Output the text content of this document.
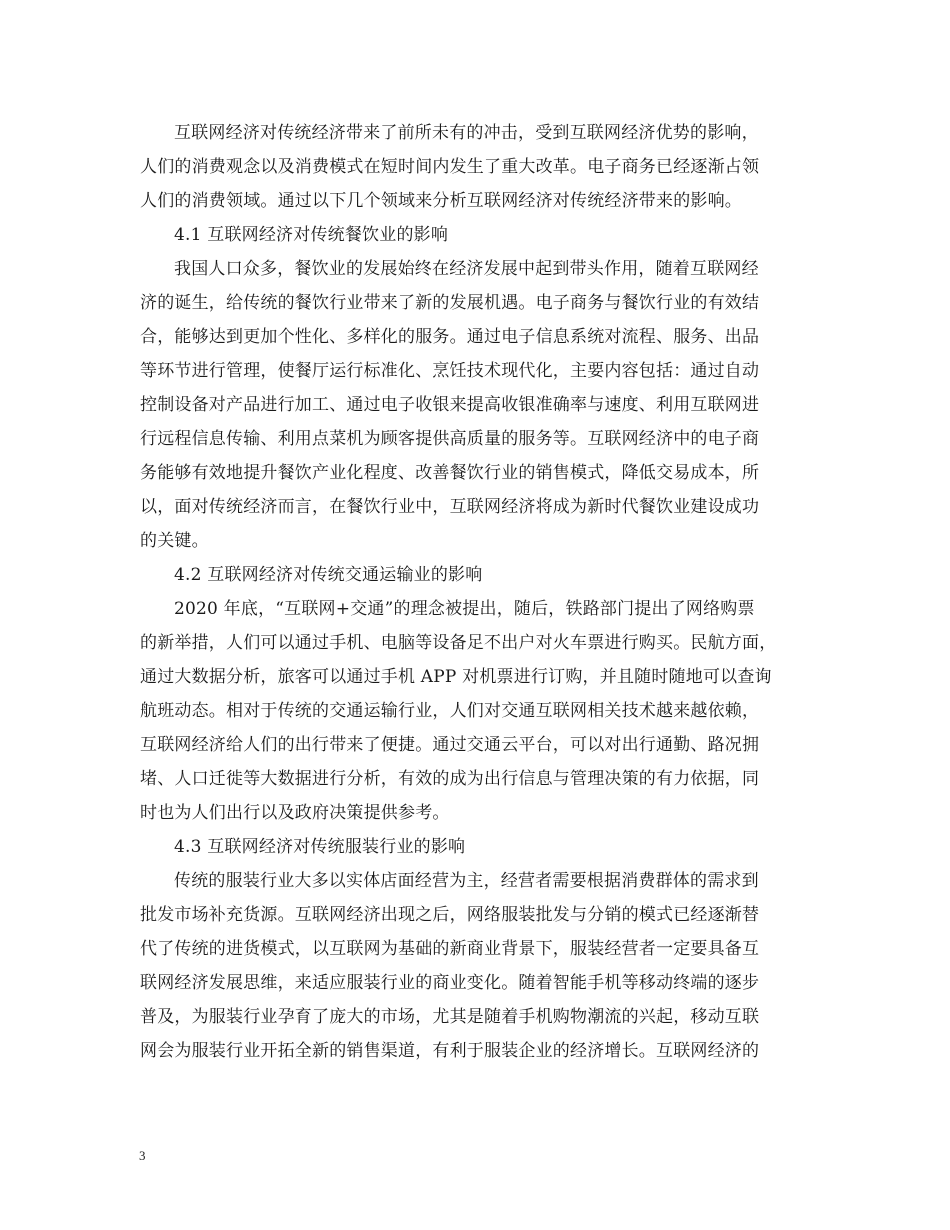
互联网经济对传统经济带来了前所未有的冲击，受到互联网经济优势的影响，
人们的消费观念以及消费模式在短时间内发生了重大改革。电子商务已经逐渐占领
人们的消费领域。通过以下几个领域来分析互联网经济对传统经济带来的影响。
4.1 互联网经济对传统餐饮业的影响
我国人口众多，餐饮业的发展始终在经济发展中起到带头作用，随着互联网经
济的诞生，给传统的餐饮行业带来了新的发展机遇。电子商务与餐饮行业的有效结
合，能够达到更加个性化、多样化的服务。通过电子信息系统对流程、服务、出品
等环节进行管理，使餐厅运行标准化、烹饪技术现代化，主要内容包括：通过自动
控制设备对产品进行加工、通过电子收银来提高收银准确率与速度、利用互联网进
行远程信息传输、利用点菜机为顾客提供高质量的服务等。互联网经济中的电子商
务能够有效地提升餐饮产业化程度、改善餐饮行业的销售模式，降低交易成本，所
以，面对传统经济而言，在餐饮行业中，互联网经济将成为新时代餐饮业建设成功
的关键。
4.2 互联网经济对传统交通运输业的影响
2020 年底，“互联网+交通”的理念被提出，随后，铁路部门提出了网络购票
的新举措，人们可以通过手机、电脑等设备足不出户对火车票进行购买。民航方面，
通过大数据分析，旅客可以通过手机 APP 对机票进行订购，并且随时随地可以查询
航班动态。相对于传统的交通运输行业，人们对交通互联网相关技术越来越依赖，
互联网经济给人们的出行带来了便捷。通过交通云平台，可以对出行通勤、路况拥
堵、人口迁徙等大数据进行分析，有效的成为出行信息与管理决策的有力依据，同
时也为人们出行以及政府决策提供参考。
4.3 互联网经济对传统服装行业的影响
传统的服装行业大多以实体店面经营为主，经营者需要根据消费群体的需求到
批发市场补充货源。互联网经济出现之后，网络服装批发与分销的模式已经逐渐替
代了传统的进货模式，以互联网为基础的新商业背景下，服装经营者一定要具备互
联网经济发展思维，来适应服装行业的商业变化。随着智能手机等移动终端的逐步
普及，为服装行业孕育了庞大的市场，尤其是随着手机购物潮流的兴起，移动互联
网会为服装行业开拓全新的销售渠道，有利于服装企业的经济增长。互联网经济的
3
